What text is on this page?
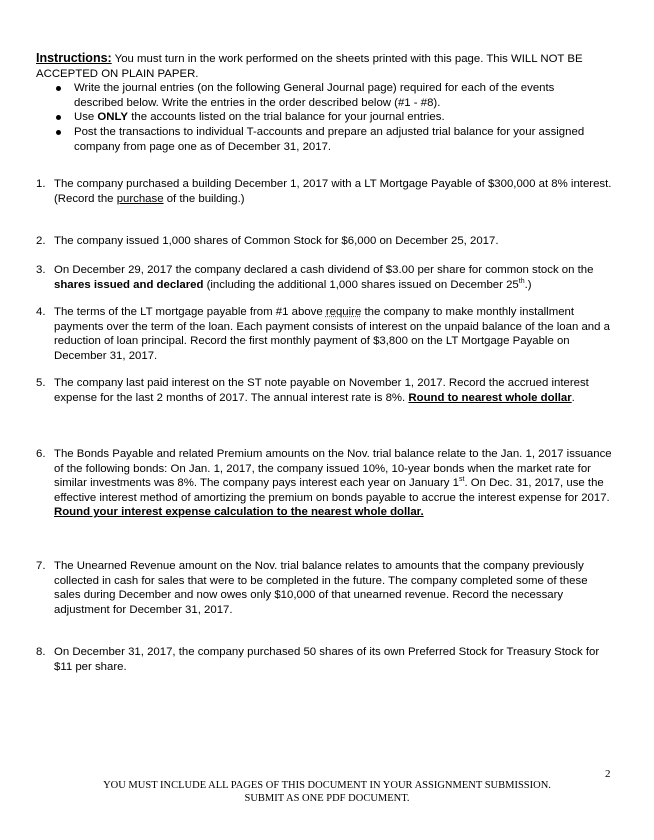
Instructions: You must turn in the work performed on the sheets printed with this page. This WILL NOT BE ACCEPTED ON PLAIN PAPER.
Write the journal entries (on the following General Journal page) required for each of the events described below. Write the entries in the order described below (#1 - #8).
Use ONLY the accounts listed on the trial balance for your journal entries.
Post the transactions to individual T-accounts and prepare an adjusted trial balance for your assigned company from page one as of December 31, 2017.
1. The company purchased a building December 1, 2017 with a LT Mortgage Payable of $300,000 at 8% interest. (Record the purchase of the building.)
2. The company issued 1,000 shares of Common Stock for $6,000 on December 25, 2017.
3. On December 29, 2017 the company declared a cash dividend of $3.00 per share for common stock on the shares issued and declared (including the additional 1,000 shares issued on December 25th.)
4. The terms of the LT mortgage payable from #1 above require the company to make monthly installment payments over the term of the loan. Each payment consists of interest on the unpaid balance of the loan and a reduction of loan principal. Record the first monthly payment of $3,800 on the LT Mortgage Payable on December 31, 2017.
5. The company last paid interest on the ST note payable on November 1, 2017. Record the accrued interest expense for the last 2 months of 2017. The annual interest rate is 8%. Round to nearest whole dollar.
6. The Bonds Payable and related Premium amounts on the Nov. trial balance relate to the Jan. 1, 2017 issuance of the following bonds: On Jan. 1, 2017, the company issued 10%, 10-year bonds when the market rate for similar investments was 8%. The company pays interest each year on January 1st. On Dec. 31, 2017, use the effective interest method of amortizing the premium on bonds payable to accrue the interest expense for 2017. Round your interest expense calculation to the nearest whole dollar.
7. The Unearned Revenue amount on the Nov. trial balance relates to amounts that the company previously collected in cash for sales that were to be completed in the future. The company completed some of these sales during December and now owes only $10,000 of that unearned revenue. Record the necessary adjustment for December 31, 2017.
8. On December 31, 2017, the company purchased 50 shares of its own Preferred Stock for Treasury Stock for $11 per share.
2
YOU MUST INCLUDE ALL PAGES OF THIS DOCUMENT IN YOUR ASSIGNMENT SUBMISSION.
SUBMIT AS ONE PDF DOCUMENT.
